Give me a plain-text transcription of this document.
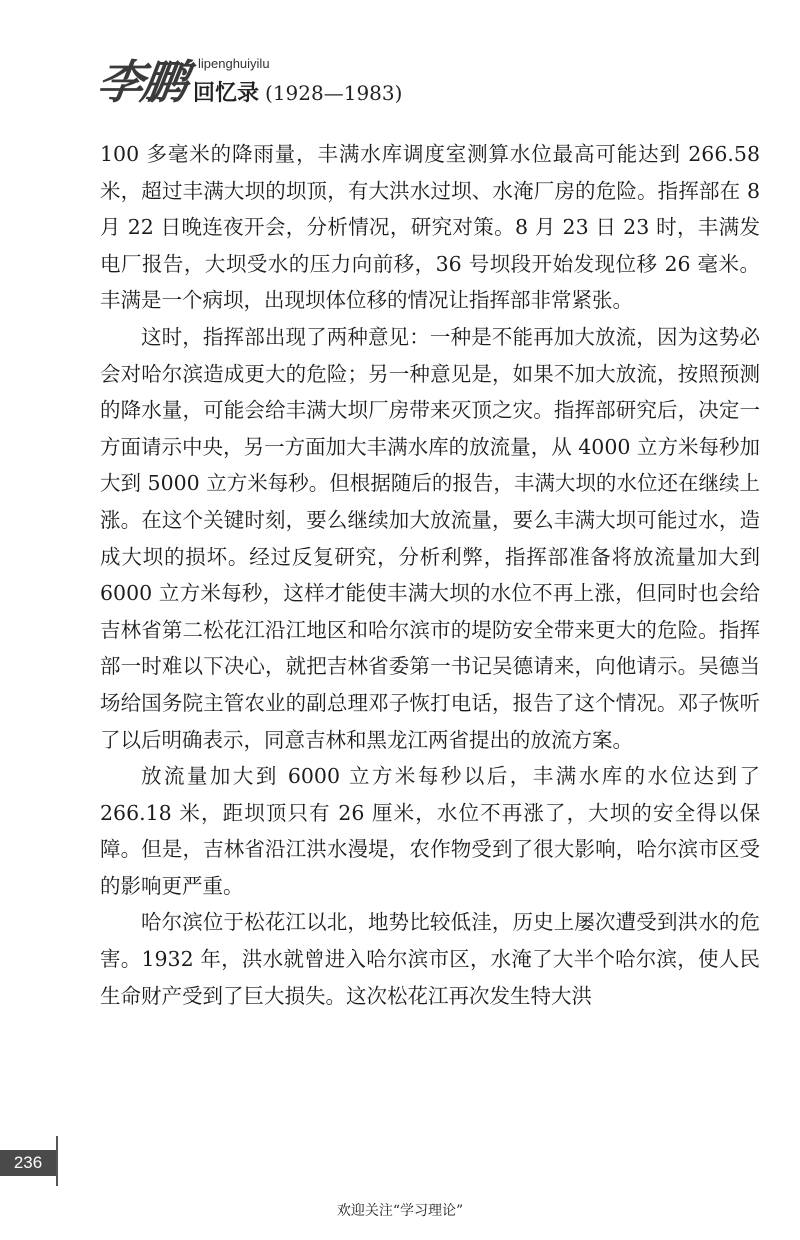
李鹏 lipenghuiyilu
回忆录 (1928—1983)

100 多毫米的降雨量，丰满水库调度室测算水位最高可能达到 266.58 米，超过丰满大坝的坝顶，有大洪水过坝、水淹厂房的危险。指挥部在 8 月 22 日晚连夜开会，分析情况，研究对策。8 月 23 日 23 时，丰满发电厂报告，大坝受水的压力向前移，36 号坝段开始发现位移 26 毫米。丰满是一个病坝，出现坝体位移的情况让指挥部非常紧张。

这时，指挥部出现了两种意见：一种是不能再加大放流，因为这势必会对哈尔滨造成更大的危险；另一种意见是，如果不加大放流，按照预测的降水量，可能会给丰满大坝厂房带来灭顶之灾。指挥部研究后，决定一方面请示中央，另一方面加大丰满水库的放流量，从 4000 立方米每秒加大到 5000 立方米每秒。但根据随后的报告，丰满大坝的水位还在继续上涨。在这个关键时刻，要么继续加大放流量，要么丰满大坝可能过水，造成大坝的损坏。经过反复研究，分析利弊，指挥部准备将放流量加大到 6000 立方米每秒，这样才能使丰满大坝的水位不再上涨，但同时也会给吉林省第二松花江沿江地区和哈尔滨市的堤防安全带来更大的危险。指挥部一时难以下决心，就把吉林省委第一书记吴德请来，向他请示。吴德当场给国务院主管农业的副总理邓子恢打电话，报告了这个情况。邓子恢听了以后明确表示，同意吉林和黑龙江两省提出的放流方案。

放流量加大到 6000 立方米每秒以后，丰满水库的水位达到了 266.18 米，距坝顶只有 26 厘米，水位不再涨了，大坝的安全得以保障。但是，吉林省沿江洪水漫堤，农作物受到了很大影响，哈尔滨市区受的影响更严重。

哈尔滨位于松花江以北，地势比较低洼，历史上屡次遭受到洪水的危害。1932 年，洪水就曾进入哈尔滨市区，水淹了大半个哈尔滨，使人民生命财产受到了巨大损失。这次松花江再次发生特大洪

236
欢迎关注“学习理论”
